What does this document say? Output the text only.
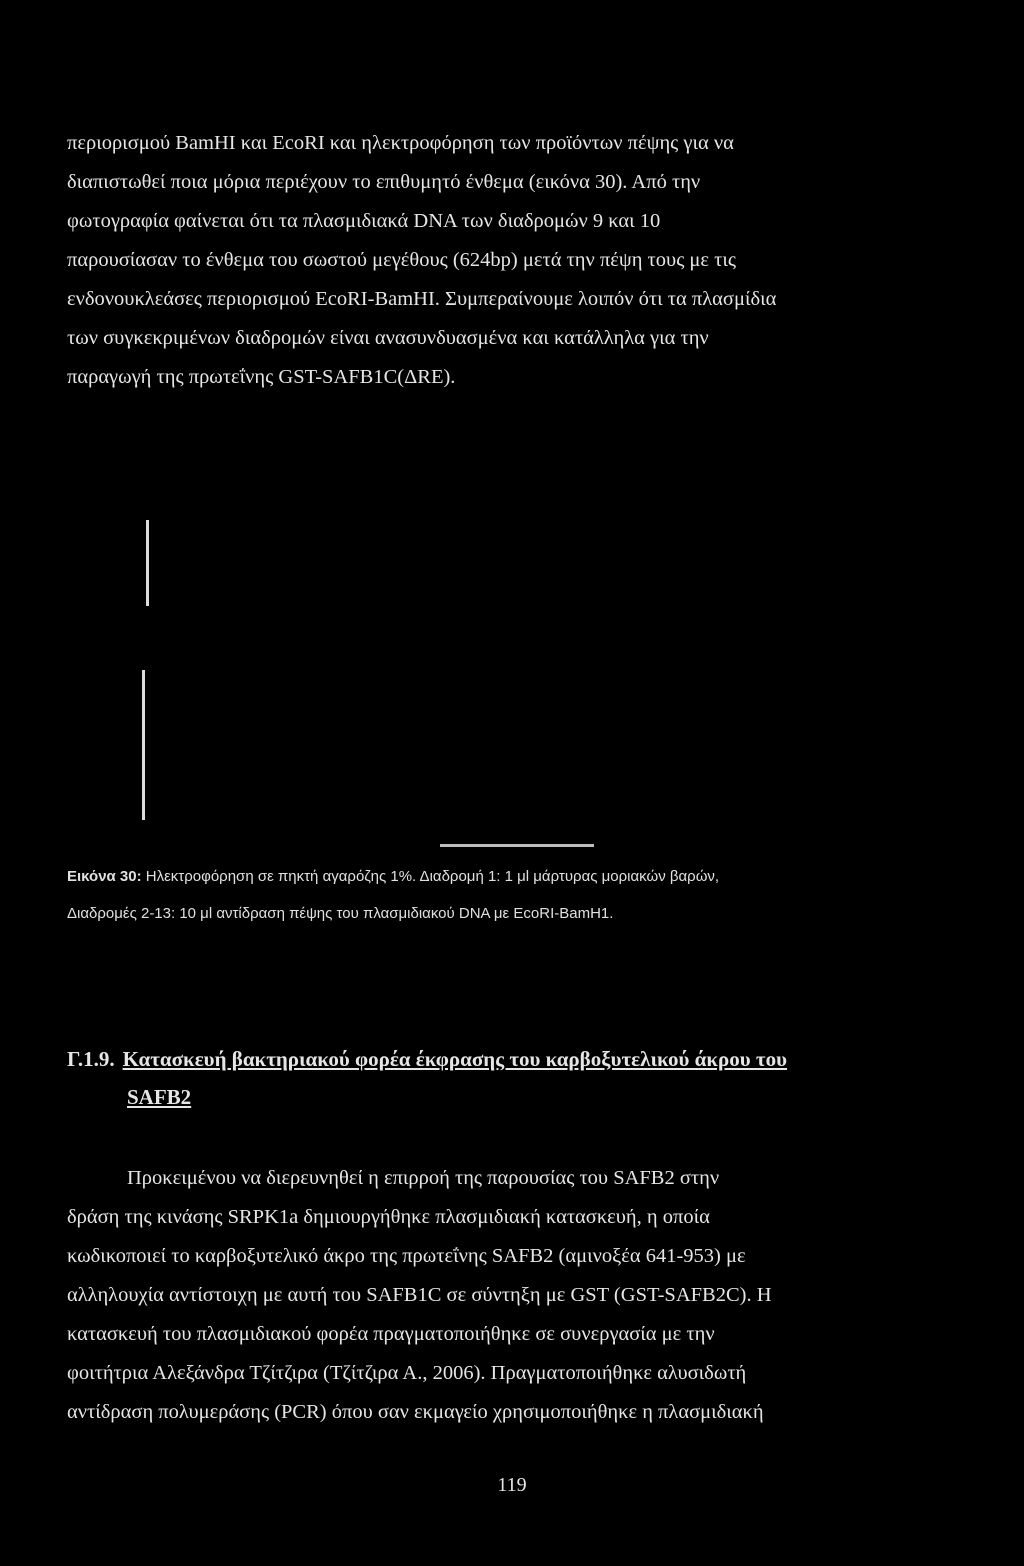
περιορισμού BamHI και EcoRI και ηλεκτροφόρηση των προϊόντων πέψης για να
διαπιστωθεί ποια μόρια περιέχουν το επιθυμητό ένθεμα (εικόνα 30). Από την
φωτογραφία φαίνεται ότι τα πλασμιδιακά DNA των διαδρομών 9 και 10
παρουσίασαν το ένθεμα του σωστού μεγέθους (624bp) μετά την πέψη τους με τις
ενδονουκλεάσες περιορισμού EcoRI-BamHI. Συμπεραίνουμε λοιπόν ότι τα πλασμίδια
των συγκεκριμένων διαδρομών είναι ανασυνδυασμένα και κατάλληλα για την
παραγωγή της πρωτεΐνης GST-SAFB1C(ΔRE).
Εικόνα 30: Ηλεκτροφόρηση σε πηκτή αγαρόζης 1%. Διαδρομή 1: 1 μl μάρτυρας μοριακών βαρών,
Διαδρομές 2-13: 10 μl αντίδραση πέψης του πλασμιδιακού DNA με EcoRI-BamH1.
Γ.1.9. Κατασκευή βακτηριακού φορέα έκφρασης του καρβοξυτελικού άκρου του
SAFB2
Προκειμένου να διερευνηθεί η επιρροή της παρουσίας του SAFB2 στην
δράση της κινάσης SRPK1a δημιουργήθηκε πλασμιδιακή κατασκευή, η οποία
κωδικοποιεί το καρβοξυτελικό άκρο της πρωτεΐνης SAFB2 (αμινοξέα 641-953) με
αλληλουχία αντίστοιχη με αυτή του SAFB1C σε σύντηξη με GST (GST-SAFB2C). Η
κατασκευή του πλασμιδιακού φορέα πραγματοποιήθηκε σε συνεργασία με την
φοιτήτρια Αλεξάνδρα Τζίτζιρα (Τζίτζιρα Α., 2006). Πραγματοποιήθηκε αλυσιδωτή
αντίδραση πολυμεράσης (PCR) όπου σαν εκμαγείο χρησιμοποιήθηκε η πλασμιδιακή
119
